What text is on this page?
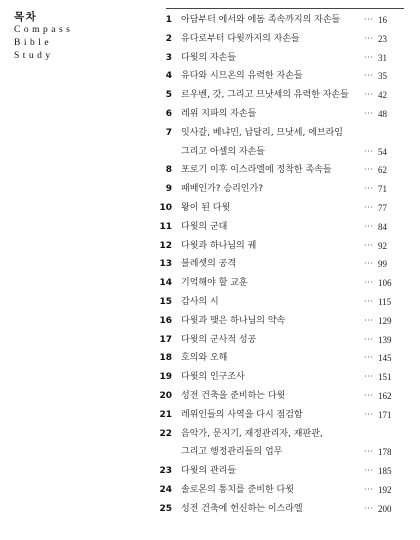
목차
Compass
Bible
Study
1 아담부터 에서와 에돔 족속까지의 자손들	··· 16
2 유다로부터 다윗까지의 자손들	··· 23
3 다윗의 자손들	··· 31
4 유다와 시므온의 유력한 자손들	··· 35
5 르우벤, 갓, 그리고 므낫세의 유력한 자손들 ··· 42
6 레위 지파의 자손들	··· 48
7 잇사갈, 베냐민, 납달리, 므낫세, 에브라임
그리고 아셀의 자손들	··· 54
8 포로기 이후 이스라엘에 정착한 족속들	··· 62
9 패배인가? 승리인가?	··· 71
10 왕이 된 다윗	··· 77
11 다윗의 군대	··· 84
12 다윗과 하나님의 궤	··· 92
13 블레셋의 공격	··· 99
14 기억해야 할 교훈	··· 106
15 감사의 시	··· 115
16 다윗과 맺은 하나님의 약속	··· 129
17 다윗의 군사적 성공	··· 139
18 호의와 오해	··· 145
19 다윗의 인구조사	··· 151
20 성전 건축을 준비하는 다윗	··· 162
21 레위인들의 사역을 다시 점검함	··· 171
22 음악가, 문지기, 재정관리자, 재판관,
그리고 행정관리들의 업무	··· 178
23 다윗의 관리들	··· 185
24 솔로몬의 통치를 준비한 다윗	··· 192
25 성전 건축에 헌신하는 이스라엘	··· 200
